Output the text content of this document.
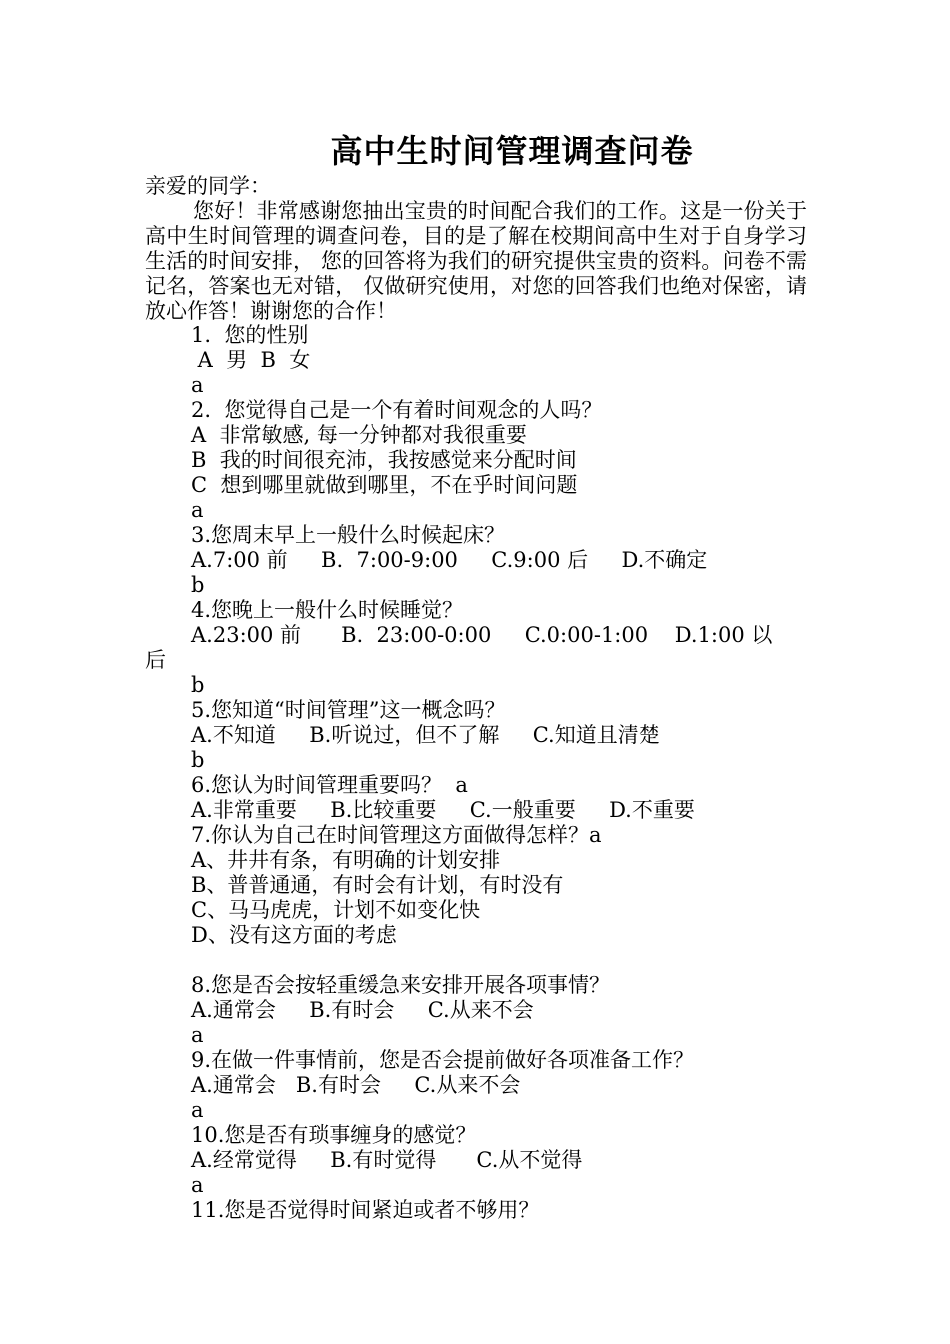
高中生时间管理调查问卷
亲爱的同学：
您好！非常感谢您抽出宝贵的时间配合我们的工作。这是一份关于高中生时间管理的调查问卷，目的是了解在校期间高中生对于自身学习生活的时间安排， 您的回答将为我们的研究提供宝贵的资料。问卷不需记名，答案也无对错， 仅做研究使用，对您的回答我们也绝对保密，请放心作答！谢谢您的合作！
1.  您的性别
A  男  B  女
a
2.  您觉得自己是一个有着时间观念的人吗？
A  非常敏感, 每一分钟都对我很重要
B  我的时间很充沛，我按感觉来分配时间
C  想到哪里就做到哪里，不在乎时间问题
a
3.您周末早上一般什么时候起床？
A.7:00 前     B.  7:00-9:00     C.9:00 后     D.不确定
b
4.您晚上一般什么时候睡觉？
A.23:00 前      B.  23:00-0:00     C.0:00-1:00    D.1:00 以
后
b
5.您知道“时间管理”这一概念吗？
A.不知道     B.听说过，但不了解     C.知道且清楚
b
6.您认为时间管理重要吗？  a
A.非常重要     B.比较重要     C.一般重要     D.不重要
7.你认为自己在时间管理这方面做得怎样？a
A、井井有条，有明确的计划安排
B、普普通通，有时会有计划，有时没有
C、马马虎虎，计划不如变化快
D、没有这方面的考虑
8.您是否会按轻重缓急来安排开展各项事情？
A.通常会     B.有时会     C.从来不会
a
9.在做一件事情前，您是否会提前做好各项准备工作？
A.通常会   B.有时会     C.从来不会
a
10.您是否有琐事缠身的感觉？
A.经常觉得     B.有时觉得      C.从不觉得
a
11.您是否觉得时间紧迫或者不够用？
